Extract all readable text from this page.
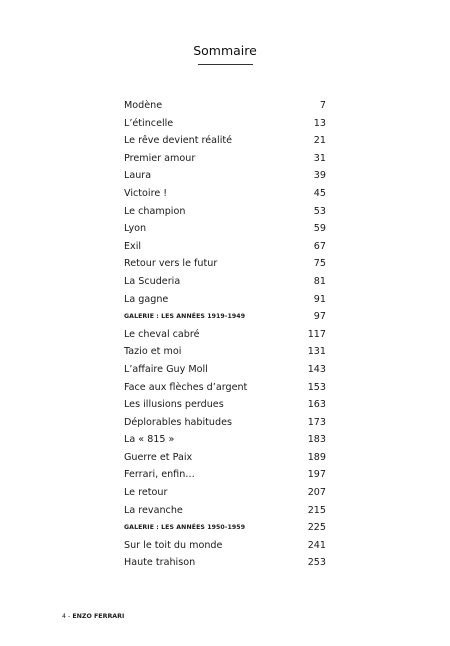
Sommaire
Modène	7
L’étincelle	13
Le rêve devient réalité	21
Premier amour	31
Laura	39
Victoire !	45
Le champion	53
Lyon	59
Exil	67
Retour vers le futur	75
La Scuderia	81
La gagne	91
GALERIE : LES ANNÉES 1919-1949	97
Le cheval cabré	117
Tazio et moi	131
L’affaire Guy Moll	143
Face aux flèches d’argent	153
Les illusions perdues	163
Déplorables habitudes	173
La « 815 »	183
Guerre et Paix	189
Ferrari, enfin…	197
Le retour	207
La revanche	215
GALERIE : LES ANNÉES 1950-1959	225
Sur le toit du monde	241
Haute trahison	253
4 - ENZO FERRARI
